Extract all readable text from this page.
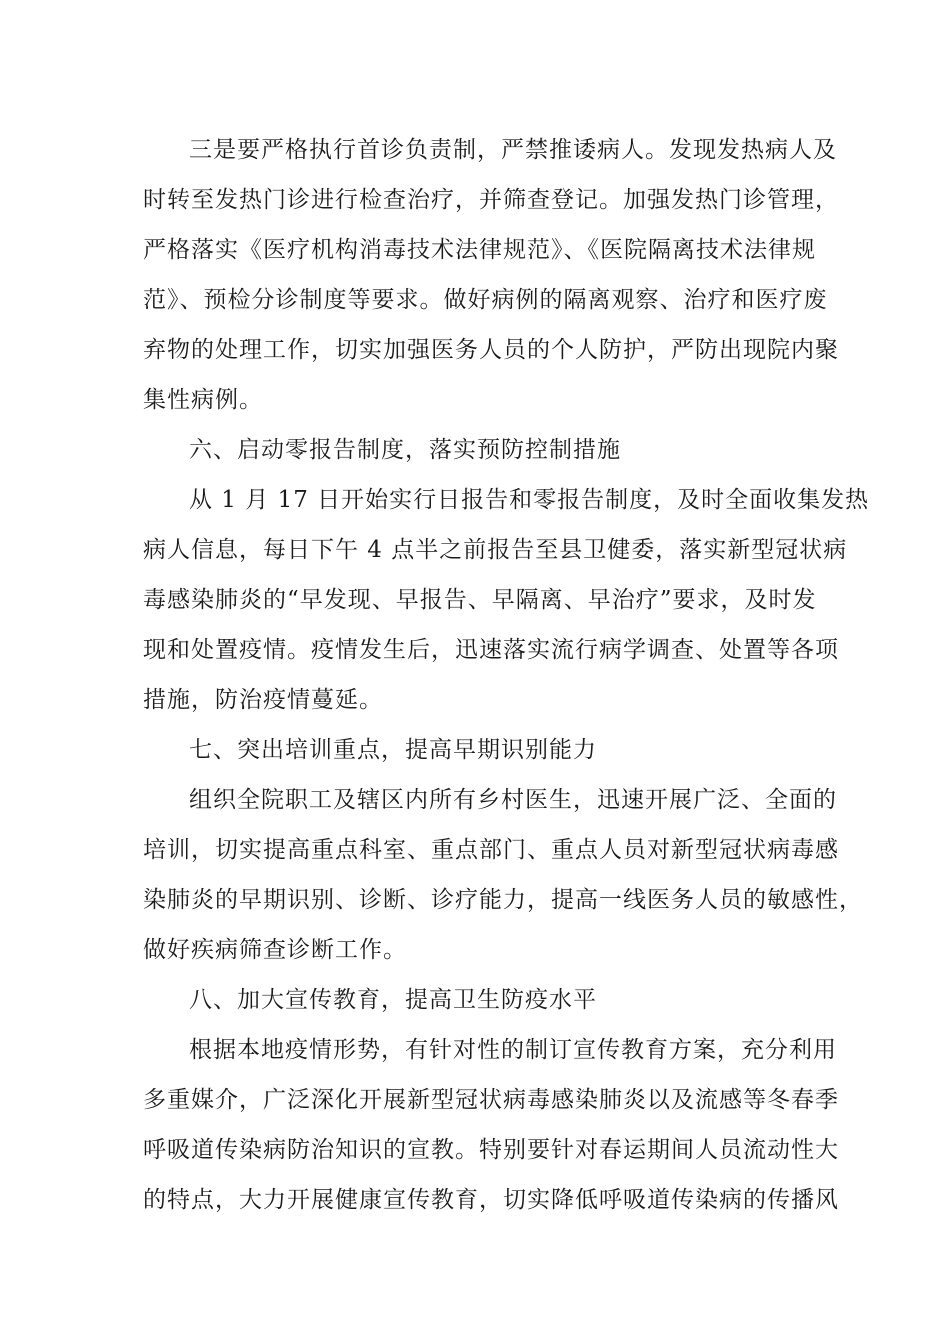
三是要严格执行首诊负责制，严禁推诿病人。发现发热病人及
时转至发热门诊进行检查治疗，并筛查登记。加强发热门诊管理，
严格落实《医疗机构消毒技术法律规范》、《医院隔离技术法律规
范》、预检分诊制度等要求。做好病例的隔离观察、治疗和医疗废
弃物的处理工作，切实加强医务人员的个人防护，严防出现院内聚
集性病例。
六、启动零报告制度，落实预防控制措施
从 1 月 17 日开始实行日报告和零报告制度，及时全面收集发热
病人信息，每日下午 4 点半之前报告至县卫健委，落实新型冠状病
毒感染肺炎的“早发现、早报告、早隔离、早治疗”要求，及时发
现和处置疫情。疫情发生后，迅速落实流行病学调查、处置等各项
措施，防治疫情蔓延。
七、突出培训重点，提高早期识别能力
组织全院职工及辖区内所有乡村医生，迅速开展广泛、全面的
培训，切实提高重点科室、重点部门、重点人员对新型冠状病毒感
染肺炎的早期识别、诊断、诊疗能力，提高一线医务人员的敏感性，
做好疾病筛查诊断工作。
八、加大宣传教育，提高卫生防疫水平
根据本地疫情形势，有针对性的制订宣传教育方案，充分利用
多重媒介，广泛深化开展新型冠状病毒感染肺炎以及流感等冬春季
呼吸道传染病防治知识的宣教。特别要针对春运期间人员流动性大
的特点，大力开展健康宣传教育，切实降低呼吸道传染病的传播风
